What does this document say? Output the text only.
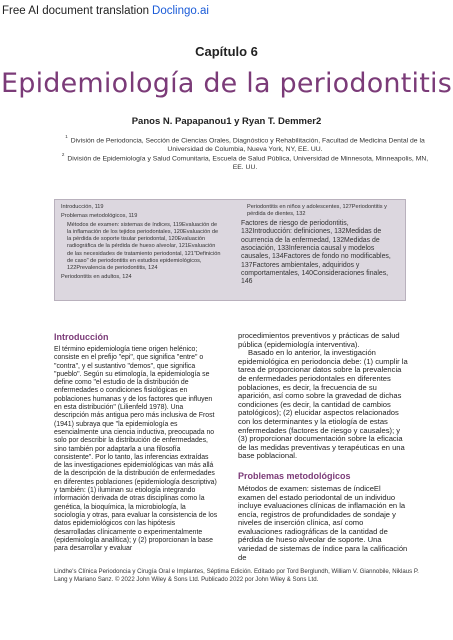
Free AI document translation Doclingo.ai
Capítulo 6
Epidemiología de la periodontitis
Panos N. Papapanou1 y Ryan T. Demmer2
$^1$División de Periodoncia, Sección de Ciencias Orales, Diagnóstico y Rehabilitación, Facultad de Medicina Dental de la Universidad de Columbia, Nueva York, NY, EE. UU.
$^2$División de Epidemiología y Salud Comunitaria, Escuela de Salud Pública, Universidad de Minnesota, Minneapolis, MN, EE. UU.
Introducción, 119
Problemas metodológicos, 119
Métodos de examen: sistemas de índices, 119Evaluación de la inflamación de los tejidos periodontales, 120Evaluación de la pérdida de soporte tisular periodontal, 120Evaluación radiográfica de la pérdida de hueso alveolar, 121Evaluación de las necesidades de tratamiento periodontal, 121"Definición de caso" de periodontitis en estudios epidemiológicos, 122Prevalencia de periodontitis, 124
Periodontitis en adultos, 124
Periodontitis en niños y adolescentes, 127Periodontitis y pérdida de dientes, 132
Factores de riesgo de periodontitis, 132Introducción: definiciones, 132Medidas de ocurrencia de la enfermedad, 132Medidas de asociación, 133Inferencia causal y modelos causales, 134Factores de fondo no modificables, 137Factores ambientales, adquiridos y comportamentales, 140Consideraciones finales, 146
Introducción

El término epidemiología tiene origen helénico; consiste en el prefijo "epi", que significa "entre" o "contra", y el sustantivo "demos", que significa "pueblo". Según su etimología, la epidemiología se define como "el estudio de la distribución de enfermedades o condiciones fisiológicas en poblaciones humanas y de los factores que influyen en esta distribución" (Lilienfeld 1978). Una descripción más antigua pero más inclusiva de Frost (1941) subraya que "la epidemiología es esencialmente una ciencia inductiva, preocupada no solo por describir la distribución de enfermedades, sino también por adaptarla a una filosofía consistente". Por lo tanto, las inferencias extraídas de las investigaciones epidemiológicas van más allá de la descripción de la distribución de enfermedades en diferentes poblaciones (epidemiología descriptiva) y también: (1) iluminan su etiología integrando información derivada de otras disciplinas como la genética, la bioquímica, la microbiología, la sociología y otras, para evaluar la consistencia de los datos epidemiológicos con las hipótesis desarrolladas clínicamente o experimentalmente (epidemiología analítica); y (2) proporcionan la base para desarrollar y evaluar

procedimientos preventivos y prácticas de salud pública (epidemiología interventiva).

Basado en lo anterior, la investigación epidemiológica en periodoncia debe: (1) cumplir la tarea de proporcionar datos sobre la prevalencia de enfermedades periodontales en diferentes poblaciones, es decir, la frecuencia de su aparición, así como sobre la gravedad de dichas condiciones (es decir, la cantidad de cambios patológicos); (2) elucidar aspectos relacionados con los determinantes y la etiología de estas enfermedades (factores de riesgo y causales); y (3) proporcionar documentación sobre la eficacia de las medidas preventivas y terapéuticas en una base poblacional.

Problemas metodológicos

Métodos de examen: sistemas de índiceEl examen del estado periodontal de un individuo incluye evaluaciones clínicas de inflamación en la encía, registros de profundidades de sondaje y niveles de inserción clínica, así como evaluaciones radiográficas de la cantidad de pérdida de hueso alveolar de soporte. Una variedad de sistemas de índice para la calificación de

Lindhe's Clínica Periodoncia y Cirugía Oral e Implantes, Séptima Edición. Editado por Tord Berglundh, William V. Giannobile, Niklaus P. Lang y Mariano Sanz. © 2022 John Wiley & Sons Ltd. Publicado 2022 por John Wiley & Sons Ltd.
